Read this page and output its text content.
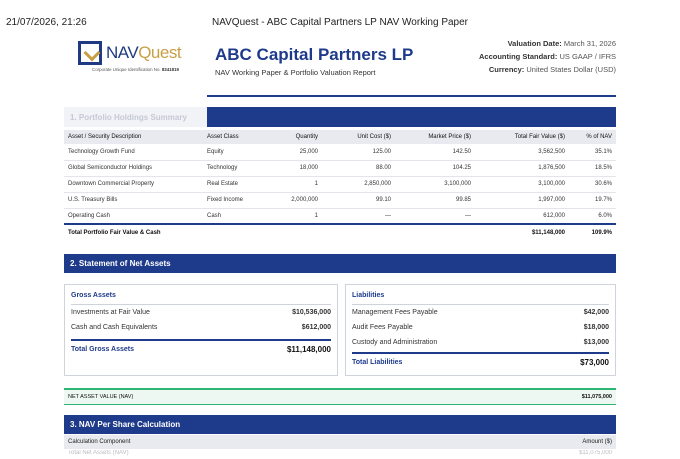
21/07/2026, 21:26	NAVQuest - ABC Capital Partners LP NAV Working Paper
1. Portfolio Holdings Summary
NAVQuest
Corporate Unique Identification No. 8341819
ABC Capital Partners LP
NAV Working Paper & Portfolio Valuation Report
Valuation Date: March 31, 2026
Accounting Standard: US GAAP / IFRS
Currency: United States Dollar (USD)
Asset / Security Description	Asset Class	Quantity	Unit Cost ($)	Market Price ($)	Total Fair Value ($)	% of NAV
Technology Growth Fund	Equity	25,000	125.00	142.50	3,562,500	35.1%
Global Semiconductor Holdings	Technology	18,000	88.00	104.25	1,876,500	18.5%
Downtown Commercial Property	Real Estate	1	2,850,000	3,100,000	3,100,000	30.6%
U.S. Treasury Bills	Fixed Income	2,000,000	99.10	99.85	1,997,000	19.7%
Operating Cash	Cash	1	—	—	612,000	6.0%
Total Portfolio Fair Value & Cash					$11,148,000	109.9%
2. Statement of Net Assets
Gross Assets
Investments at Fair Value	$10,536,000
Cash and Cash Equivalents	$612,000
Total Gross Assets	$11,148,000
Liabilities
Management Fees Payable	$42,000
Audit Fees Payable	$18,000
Custody and Administration	$13,000
Total Liabilities	$73,000
NET ASSET VALUE (NAV)	$11,075,000
3. NAV Per Share Calculation
Calculation Component	Amount ($)
Total Net Assets (NAV)	$11,075,000
